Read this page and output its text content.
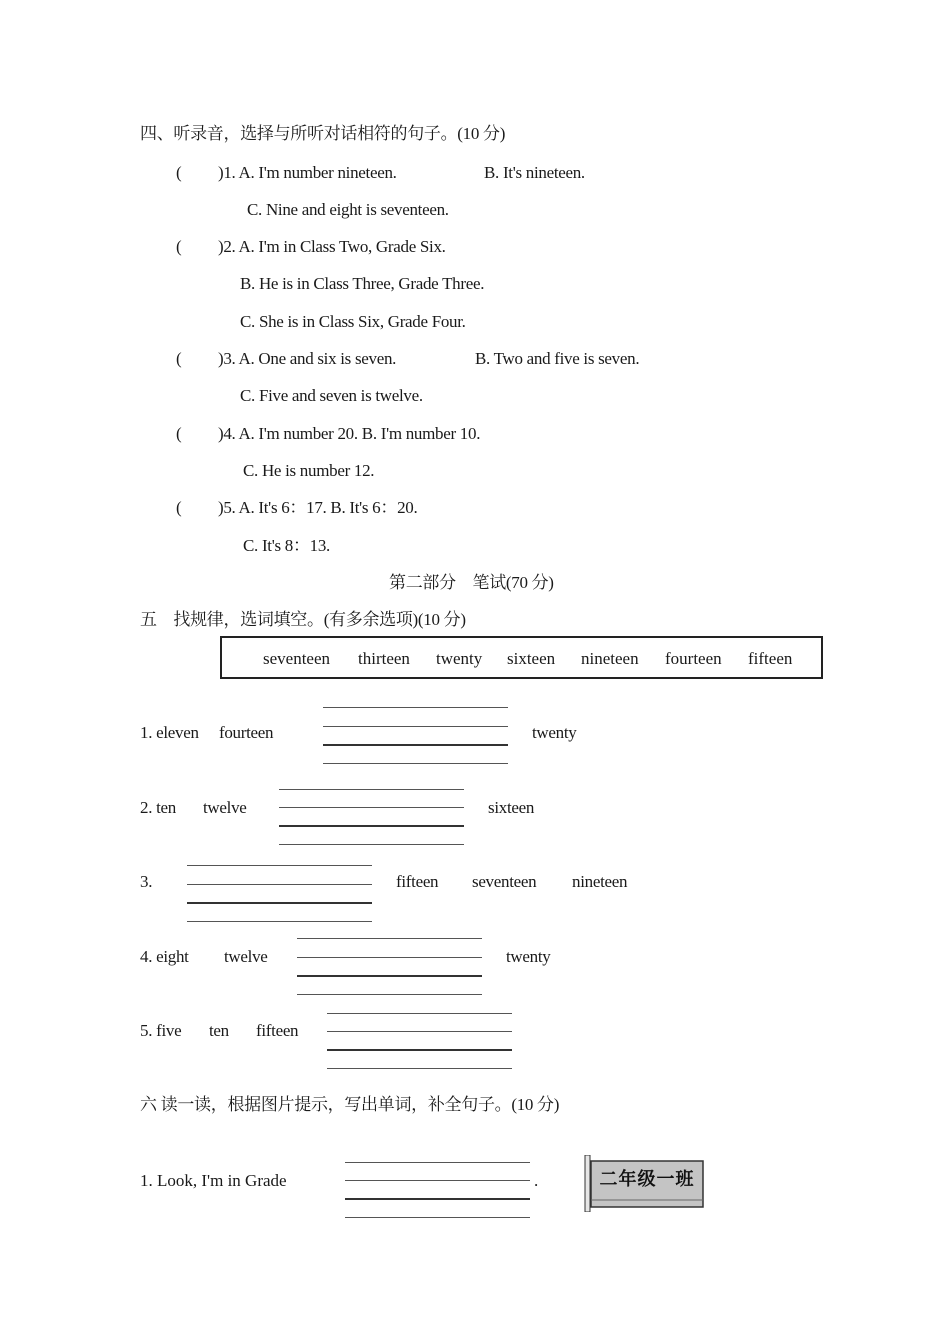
四、听录音，选择与所听对话相符的句子。(10 分)
( )1. A. I'm number nineteen.	B. It's nineteen.
C. Nine and eight is seventeen.
( )2. A. I'm in Class Two, Grade Six.
B. He is in Class Three, Grade Three.
C. She is in Class Six, Grade Four.
( )3. A. One and six is seven.	B. Two and five is seven.
C. Five and seven is twelve.
( )4. A. I'm number 20. B. I'm number 10.
C. He is number 12.
( )5. A. It's 6：17. B. It's 6：20.
C. It's 8：13.
第二部分　笔试(70 分)
五　找规律，选词填空。(有多余选项)(10 分)
seventeen thirteen twenty sixteen nineteen fourteen fifteen
1. eleven fourteen	twenty
2. ten twelve	sixteen
3.	fifteen seventeen nineteen
4. eight twelve	twenty
5. five ten fifteen
六 读一读，根据图片提示，写出单词，补全句子。(10 分)
1. Look, I'm in Grade	.	二年级一班
